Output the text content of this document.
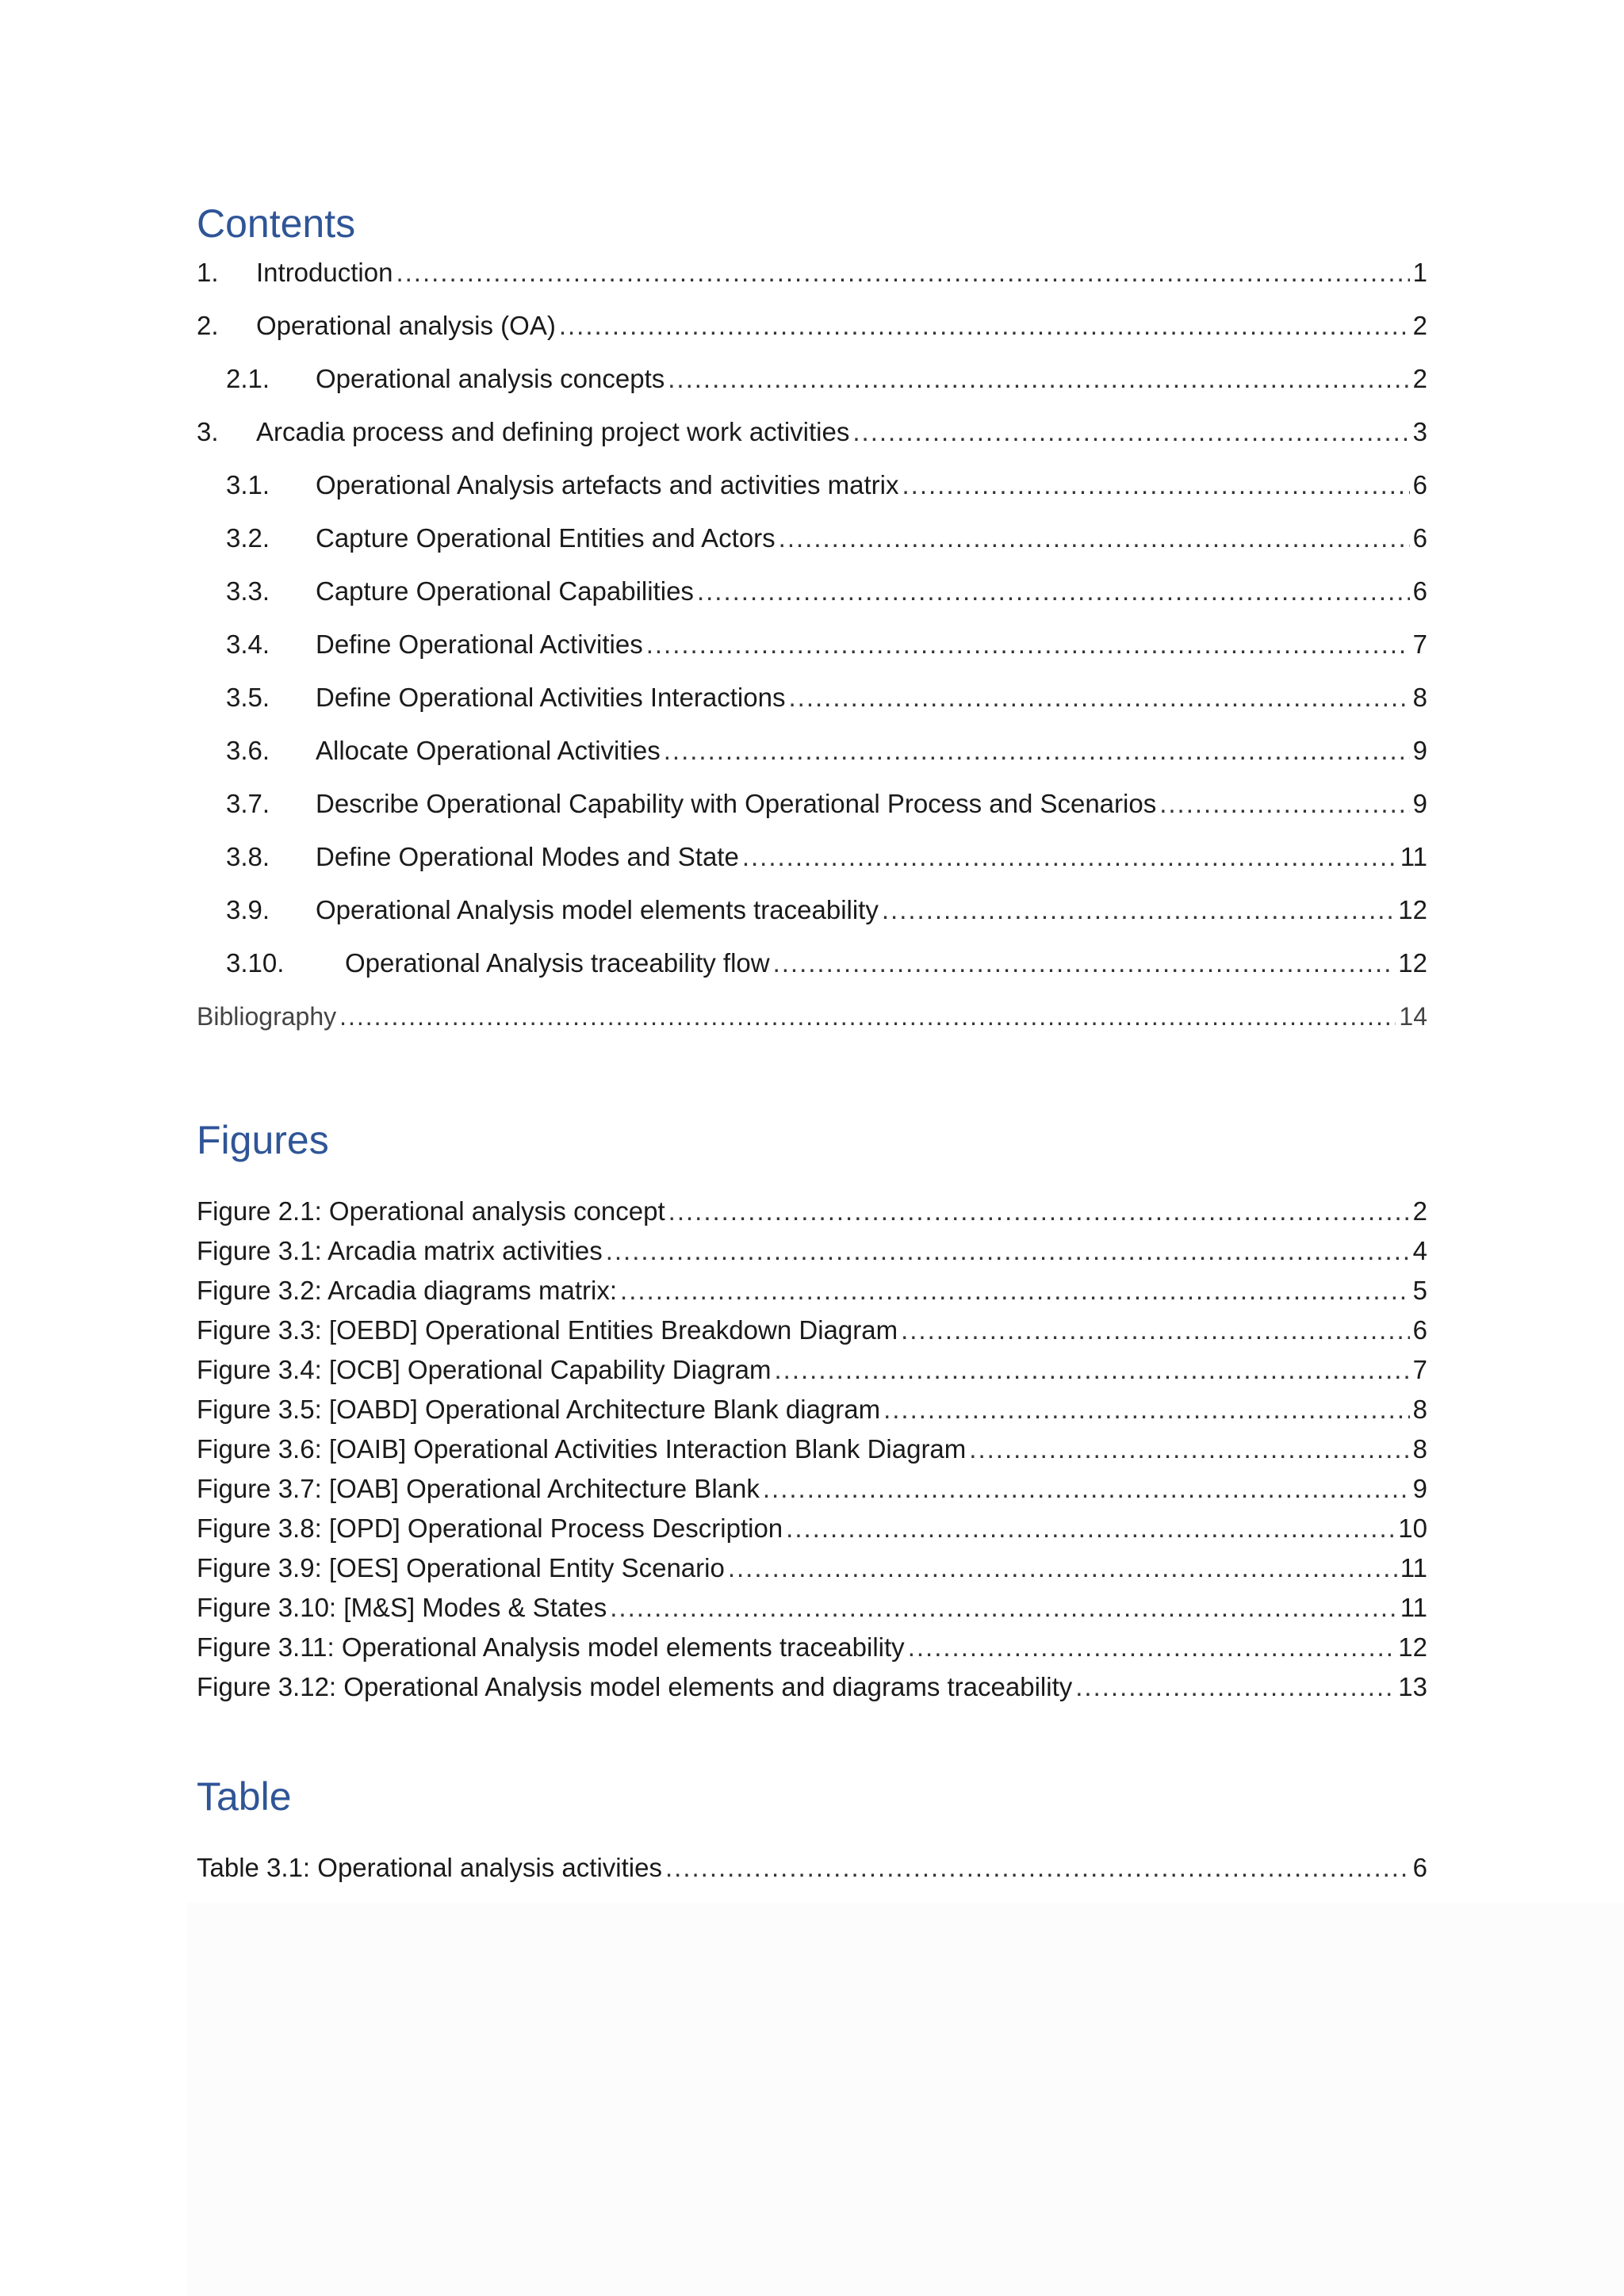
Contents
1.	Introduction .....	1
2.	Operational analysis (OA) .....	2
2.1.	Operational analysis concepts .....	2
3.	Arcadia process and defining project work activities .....	3
3.1.	Operational Analysis artefacts and activities matrix .....	6
3.2.	Capture Operational Entities and Actors .....	6
3.3.	Capture Operational Capabilities .....	6
3.4.	Define Operational Activities .....	7
3.5.	Define Operational Activities Interactions .....	8
3.6.	Allocate Operational Activities .....	9
3.7.	Describe Operational Capability with Operational Process and Scenarios .....	9
3.8.	Define Operational Modes and State .....	11
3.9.	Operational Analysis model elements traceability .....	12
3.10.	Operational Analysis traceability flow .....	12
Bibliography .....	14
Figures
Figure 2.1: Operational analysis concept .....	2
Figure 3.1: Arcadia matrix activities .....	4
Figure 3.2: Arcadia diagrams matrix: .....	5
Figure 3.3: [OEBD] Operational Entities Breakdown Diagram .....	6
Figure 3.4: [OCB] Operational Capability Diagram .....	7
Figure 3.5: [OABD] Operational Architecture Blank diagram .....	8
Figure 3.6: [OAIB] Operational Activities Interaction Blank Diagram .....	8
Figure 3.7: [OAB] Operational Architecture Blank .....	9
Figure 3.8: [OPD] Operational Process Description .....	10
Figure 3.9: [OES] Operational Entity Scenario .....	11
Figure 3.10: [M&S] Modes & States .....	11
Figure 3.11: Operational Analysis model elements traceability .....	12
Figure 3.12: Operational Analysis model elements and diagrams traceability .....	13
Table
Table 3.1: Operational analysis activities .....	6
